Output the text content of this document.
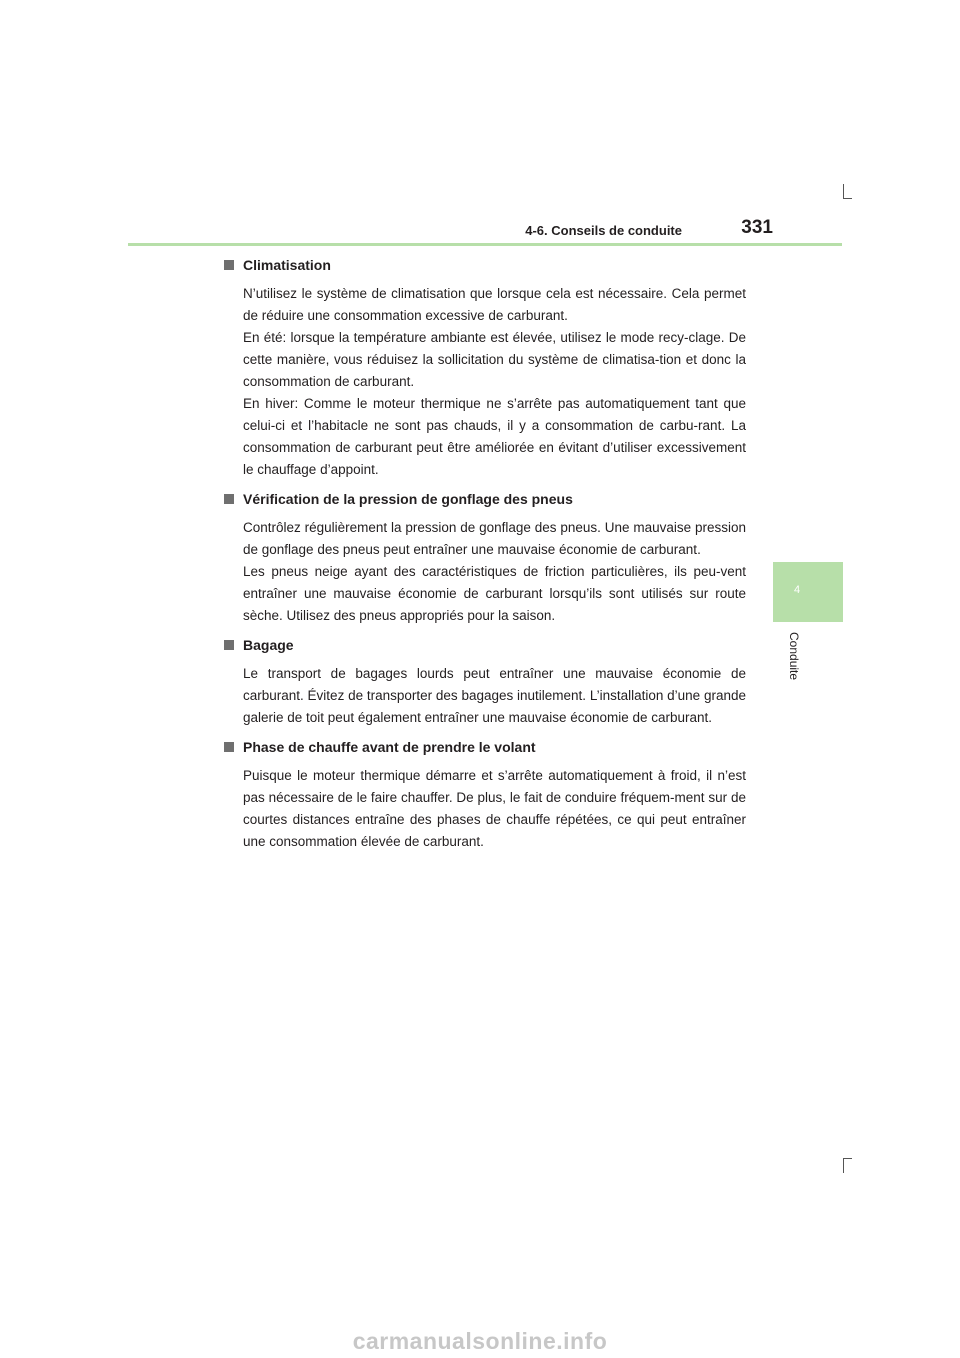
4-6. Conseils de conduite	331
4
Conduite
Climatisation

N’utilisez le système de climatisation que lorsque cela est nécessaire. Cela permet de réduire une consommation excessive de carburant.

En été: lorsque la température ambiante est élevée, utilisez le mode recy-clage. De cette manière, vous réduisez la sollicitation du système de climatisa-tion et donc la consommation de carburant.

En hiver: Comme le moteur thermique ne s’arrête pas automatiquement tant que celui-ci et l’habitacle ne sont pas chauds, il y a consommation de carbu-rant. La consommation de carburant peut être améliorée en évitant d’utiliser excessivement le chauffage d’appoint.

Vérification de la pression de gonflage des pneus

Contrôlez régulièrement la pression de gonflage des pneus. Une mauvaise pression de gonflage des pneus peut entraîner une mauvaise économie de carburant.

Les pneus neige ayant des caractéristiques de friction particulières, ils peu-vent entraîner une mauvaise économie de carburant lorsqu’ils sont utilisés sur route sèche. Utilisez des pneus appropriés pour la saison.

Bagage

Le transport de bagages lourds peut entraîner une mauvaise économie de carburant. Évitez de transporter des bagages inutilement. L’installation d’une grande galerie de toit peut également entraîner une mauvaise économie de carburant.

Phase de chauffe avant de prendre le volant

Puisque le moteur thermique démarre et s’arrête automatiquement à froid, il n’est pas nécessaire de le faire chauffer. De plus, le fait de conduire fréquem-ment sur de courtes distances entraîne des phases de chauffe répétées, ce qui peut entraîner une consommation élevée de carburant.

carmanualsonline.info
